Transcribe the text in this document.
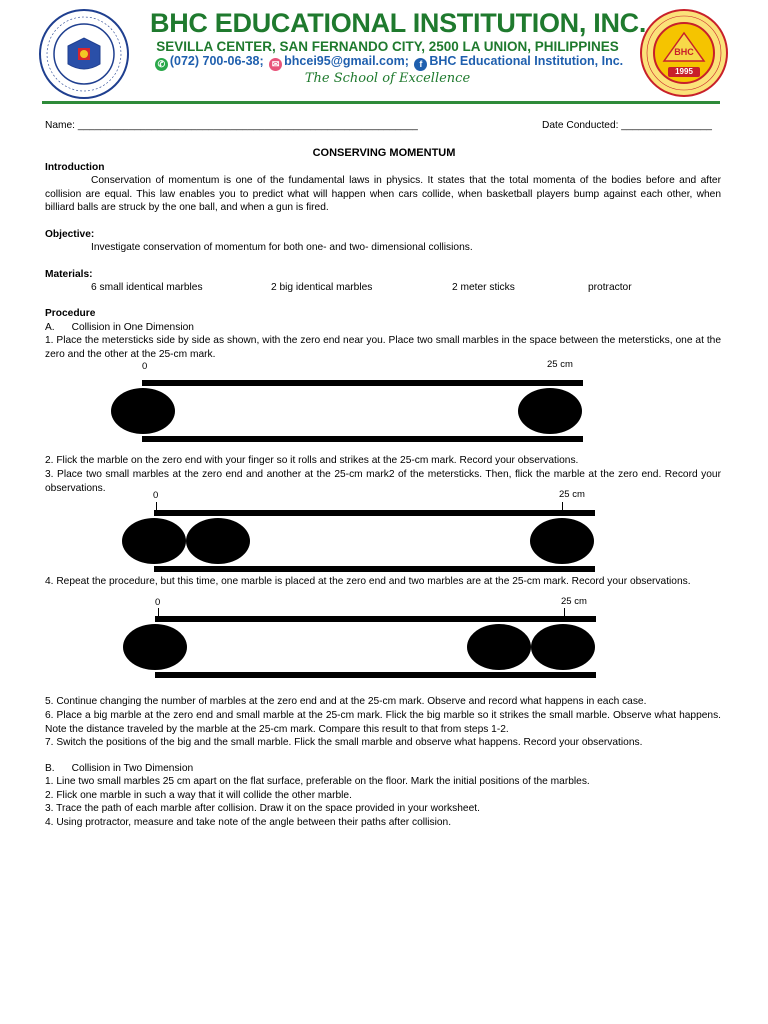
BHC
1995
BHC EDUCATIONAL INSTITUTION, INC.
SEVILLA CENTER, SAN FERNANDO CITY, 2500 LA UNION, PHILIPPINES
✆ (072) 700-06-38; ✉ bhcei95@gmail.com; f BHC Educational Institution, Inc.
The School of Excellence
Name: ____________________________________________________________	Date Conducted: ________________
CONSERVING MOMENTUM
Introduction
Conservation of momentum is one of the fundamental laws in physics. It states that the total momenta of the bodies before and after collision are equal. This law enables you to predict what will happen when cars collide, when basketball players bump against each other, when billiard balls are struck by the one ball, and when a gun is fired.
Objective:
Investigate conservation of momentum for both one- and two- dimensional collisions.
Materials:
6 small identical marbles	2 big identical marbles	2 meter sticks	protractor
Procedure
A.      Collision in One Dimension
1. Place the metersticks side by side as shown, with the zero end near you. Place two small marbles in the space between the metersticks, one at the zero and the other at the 25-cm mark.
0	25 cm
2. Flick the marble on the zero end with your finger so it rolls and strikes at the 25-cm mark. Record your observations.
3. Place two small marbles at the zero end and another at the 25-cm mark2 of the metersticks. Then, flick the marble at the zero end. Record your observations.
0	25 cm
4. Repeat the procedure, but this time, one marble is placed at the zero end and two marbles are at the 25-cm mark. Record your observations.
0	25 cm
5. Continue changing the number of marbles at the zero end and at the 25-cm mark. Observe and record what happens in each case.
6. Place a big marble at the zero end and small marble at the 25-cm mark. Flick the big marble so it strikes the small marble. Observe what happens. Note the distance traveled by the marble at the 25-cm mark. Compare this result to that from steps 1-2.
7. Switch the positions of the big and the small marble. Flick the small marble and observe what happens. Record your observations.
B.      Collision in Two Dimension
1. Line two small marbles 25 cm apart on the flat surface, preferable on the floor. Mark the initial positions of the marbles.
2. Flick one marble in such a way that it will collide the other marble.
3. Trace the path of each marble after collision. Draw it on the space provided in your worksheet.
4. Using protractor, measure and take note of the angle between their paths after collision.
